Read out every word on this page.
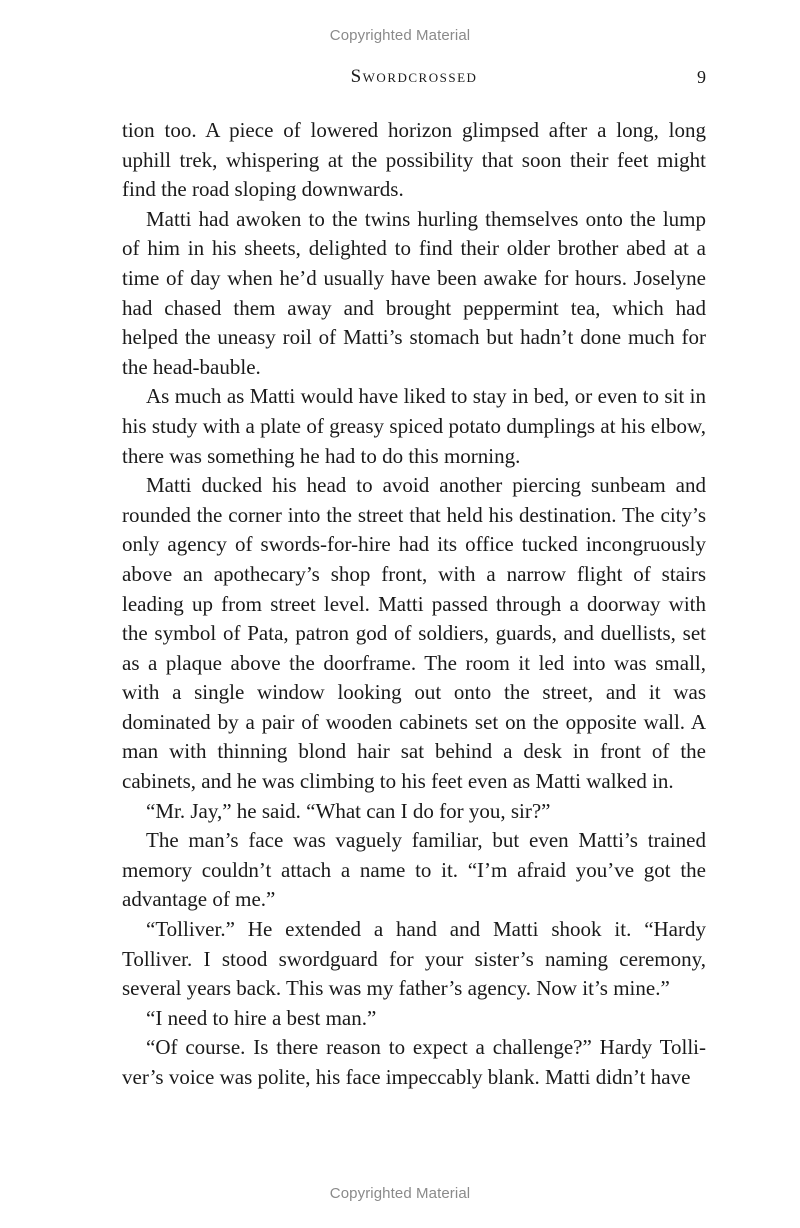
Copyrighted Material
Swordcrossed	9

tion too. A piece of lowered horizon glimpsed after a long, long uphill trek, whispering at the possibility that soon their feet might find the road sloping downwards.

Matti had awoken to the twins hurling themselves onto the lump of him in his sheets, delighted to find their older brother abed at a time of day when he’d usually have been awake for hours. Joselyne had chased them away and brought peppermint tea, which had helped the uneasy roil of Matti’s stomach but hadn’t done much for the head-bauble.

As much as Matti would have liked to stay in bed, or even to sit in his study with a plate of greasy spiced potato dumplings at his elbow, there was something he had to do this morning.

Matti ducked his head to avoid another piercing sunbeam and rounded the corner into the street that held his destination. The city’s only agency of swords-for-hire had its office tucked incongruously above an apothecary’s shop front, with a narrow flight of stairs leading up from street level. Matti passed through a doorway with the symbol of Pata, patron god of soldiers, guards, and duellists, set as a plaque above the doorframe. The room it led into was small, with a single window looking out onto the street, and it was dominated by a pair of wooden cabinets set on the opposite wall. A man with thinning blond hair sat behind a desk in front of the cabinets, and he was climbing to his feet even as Matti walked in.

“Mr. Jay,” he said. “What can I do for you, sir?”

The man’s face was vaguely familiar, but even Matti’s trained memory couldn’t attach a name to it. “I’m afraid you’ve got the advantage of me.”

“Tolliver.” He extended a hand and Matti shook it. “Hardy Tolliver. I stood swordguard for your sister’s naming ceremony, several years back. This was my father’s agency. Now it’s mine.”

“I need to hire a best man.”

“Of course. Is there reason to expect a challenge?” Hardy Tolliver’s voice was polite, his face impeccably blank. Matti didn’t have

Copyrighted Material
